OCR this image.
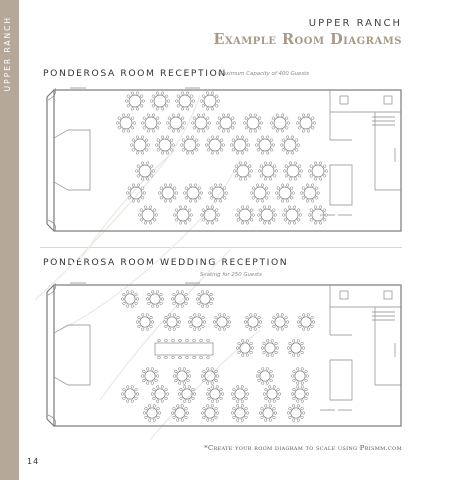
UPPER RANCH	UPPER RANCH
Example Room Diagrams
PONDEROSA ROOM RECEPTION
Maximum Capacity of 400 Guests
PONDEROSA ROOM WEDDING RECEPTION
Seating for 250 Guests
*Create your room diagram to scale using Prismm.com
14
